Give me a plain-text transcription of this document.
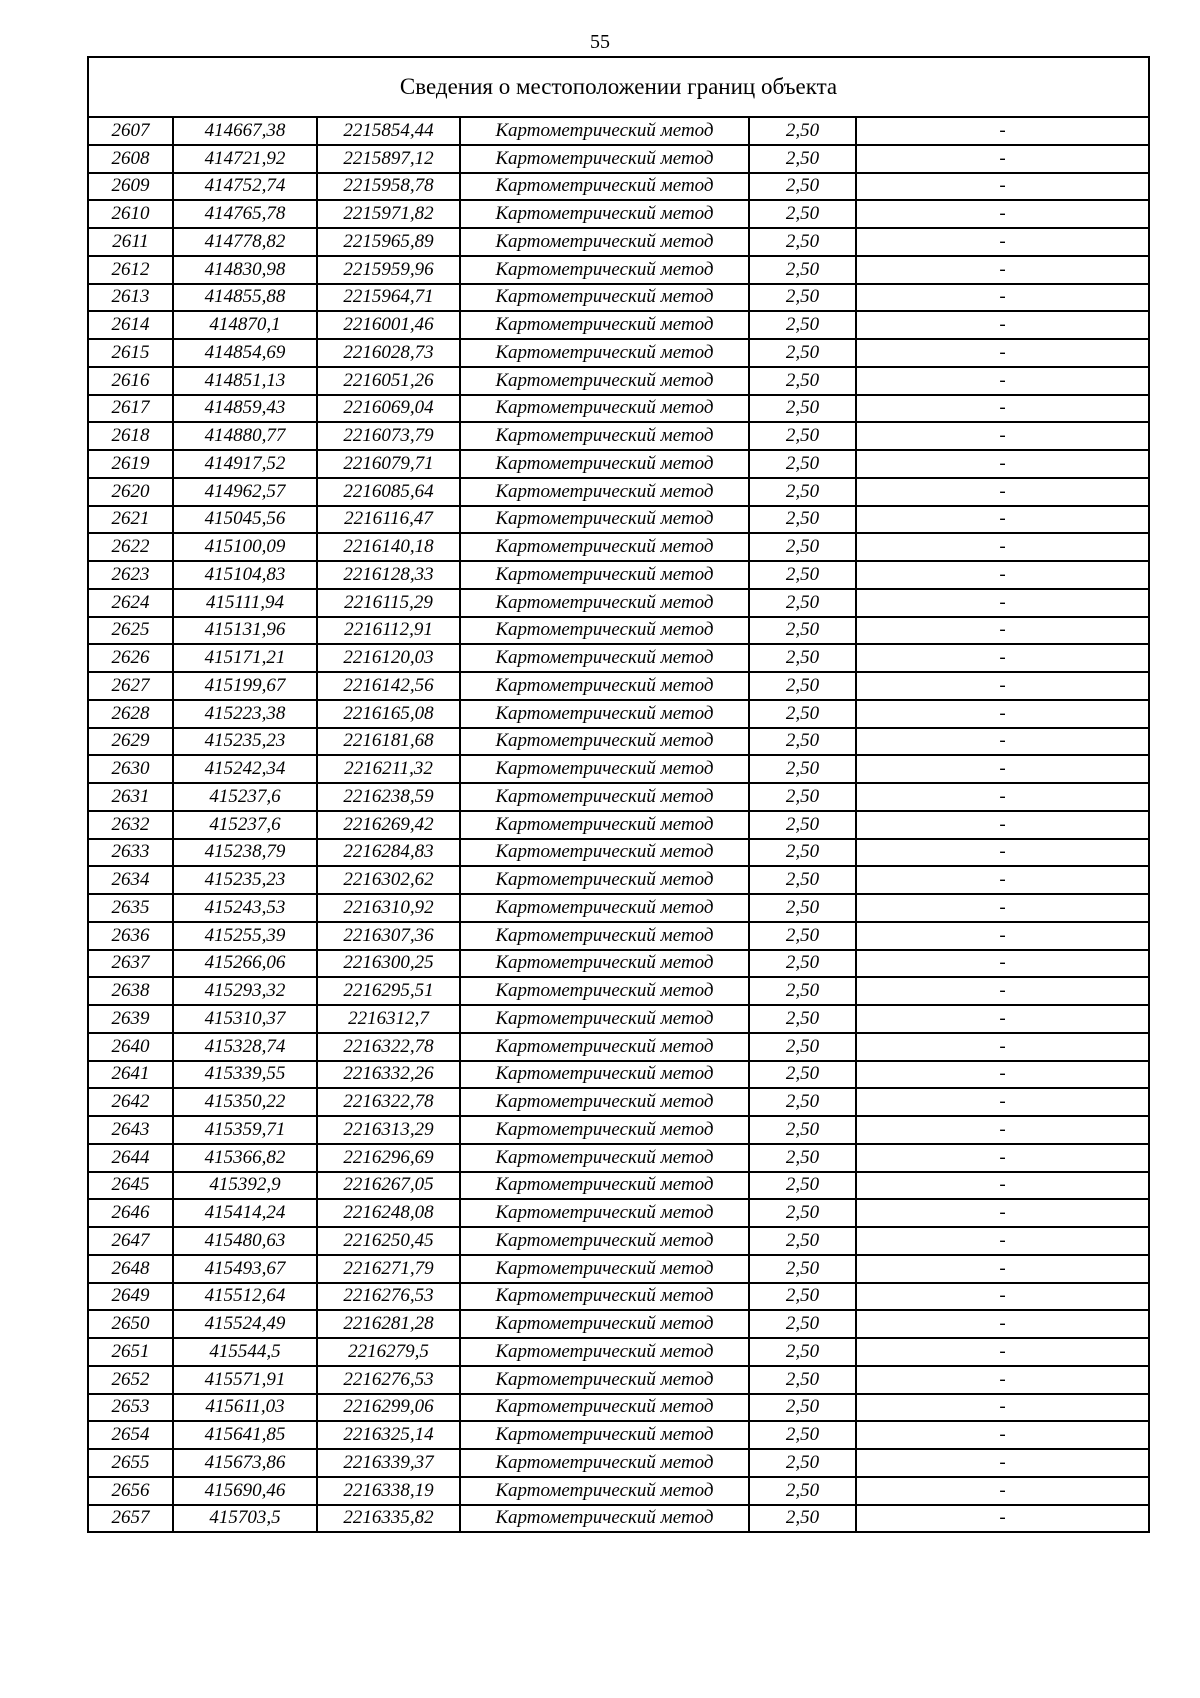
55
Сведения о местоположении границ объекта					
2607	414667,38	2215854,44	Картометрический метод	2,50	-
2608	414721,92	2215897,12	Картометрический метод	2,50	-
2609	414752,74	2215958,78	Картометрический метод	2,50	-
2610	414765,78	2215971,82	Картометрический метод	2,50	-
2611	414778,82	2215965,89	Картометрический метод	2,50	-
2612	414830,98	2215959,96	Картометрический метод	2,50	-
2613	414855,88	2215964,71	Картометрический метод	2,50	-
2614	414870,1	2216001,46	Картометрический метод	2,50	-
2615	414854,69	2216028,73	Картометрический метод	2,50	-
2616	414851,13	2216051,26	Картометрический метод	2,50	-
2617	414859,43	2216069,04	Картометрический метод	2,50	-
2618	414880,77	2216073,79	Картометрический метод	2,50	-
2619	414917,52	2216079,71	Картометрический метод	2,50	-
2620	414962,57	2216085,64	Картометрический метод	2,50	-
2621	415045,56	2216116,47	Картометрический метод	2,50	-
2622	415100,09	2216140,18	Картометрический метод	2,50	-
2623	415104,83	2216128,33	Картометрический метод	2,50	-
2624	415111,94	2216115,29	Картометрический метод	2,50	-
2625	415131,96	2216112,91	Картометрический метод	2,50	-
2626	415171,21	2216120,03	Картометрический метод	2,50	-
2627	415199,67	2216142,56	Картометрический метод	2,50	-
2628	415223,38	2216165,08	Картометрический метод	2,50	-
2629	415235,23	2216181,68	Картометрический метод	2,50	-
2630	415242,34	2216211,32	Картометрический метод	2,50	-
2631	415237,6	2216238,59	Картометрический метод	2,50	-
2632	415237,6	2216269,42	Картометрический метод	2,50	-
2633	415238,79	2216284,83	Картометрический метод	2,50	-
2634	415235,23	2216302,62	Картометрический метод	2,50	-
2635	415243,53	2216310,92	Картометрический метод	2,50	-
2636	415255,39	2216307,36	Картометрический метод	2,50	-
2637	415266,06	2216300,25	Картометрический метод	2,50	-
2638	415293,32	2216295,51	Картометрический метод	2,50	-
2639	415310,37	2216312,7	Картометрический метод	2,50	-
2640	415328,74	2216322,78	Картометрический метод	2,50	-
2641	415339,55	2216332,26	Картометрический метод	2,50	-
2642	415350,22	2216322,78	Картометрический метод	2,50	-
2643	415359,71	2216313,29	Картометрический метод	2,50	-
2644	415366,82	2216296,69	Картометрический метод	2,50	-
2645	415392,9	2216267,05	Картометрический метод	2,50	-
2646	415414,24	2216248,08	Картометрический метод	2,50	-
2647	415480,63	2216250,45	Картометрический метод	2,50	-
2648	415493,67	2216271,79	Картометрический метод	2,50	-
2649	415512,64	2216276,53	Картометрический метод	2,50	-
2650	415524,49	2216281,28	Картометрический метод	2,50	-
2651	415544,5	2216279,5	Картометрический метод	2,50	-
2652	415571,91	2216276,53	Картометрический метод	2,50	-
2653	415611,03	2216299,06	Картометрический метод	2,50	-
2654	415641,85	2216325,14	Картометрический метод	2,50	-
2655	415673,86	2216339,37	Картометрический метод	2,50	-
2656	415690,46	2216338,19	Картометрический метод	2,50	-
2657	415703,5	2216335,82	Картометрический метод	2,50	-
